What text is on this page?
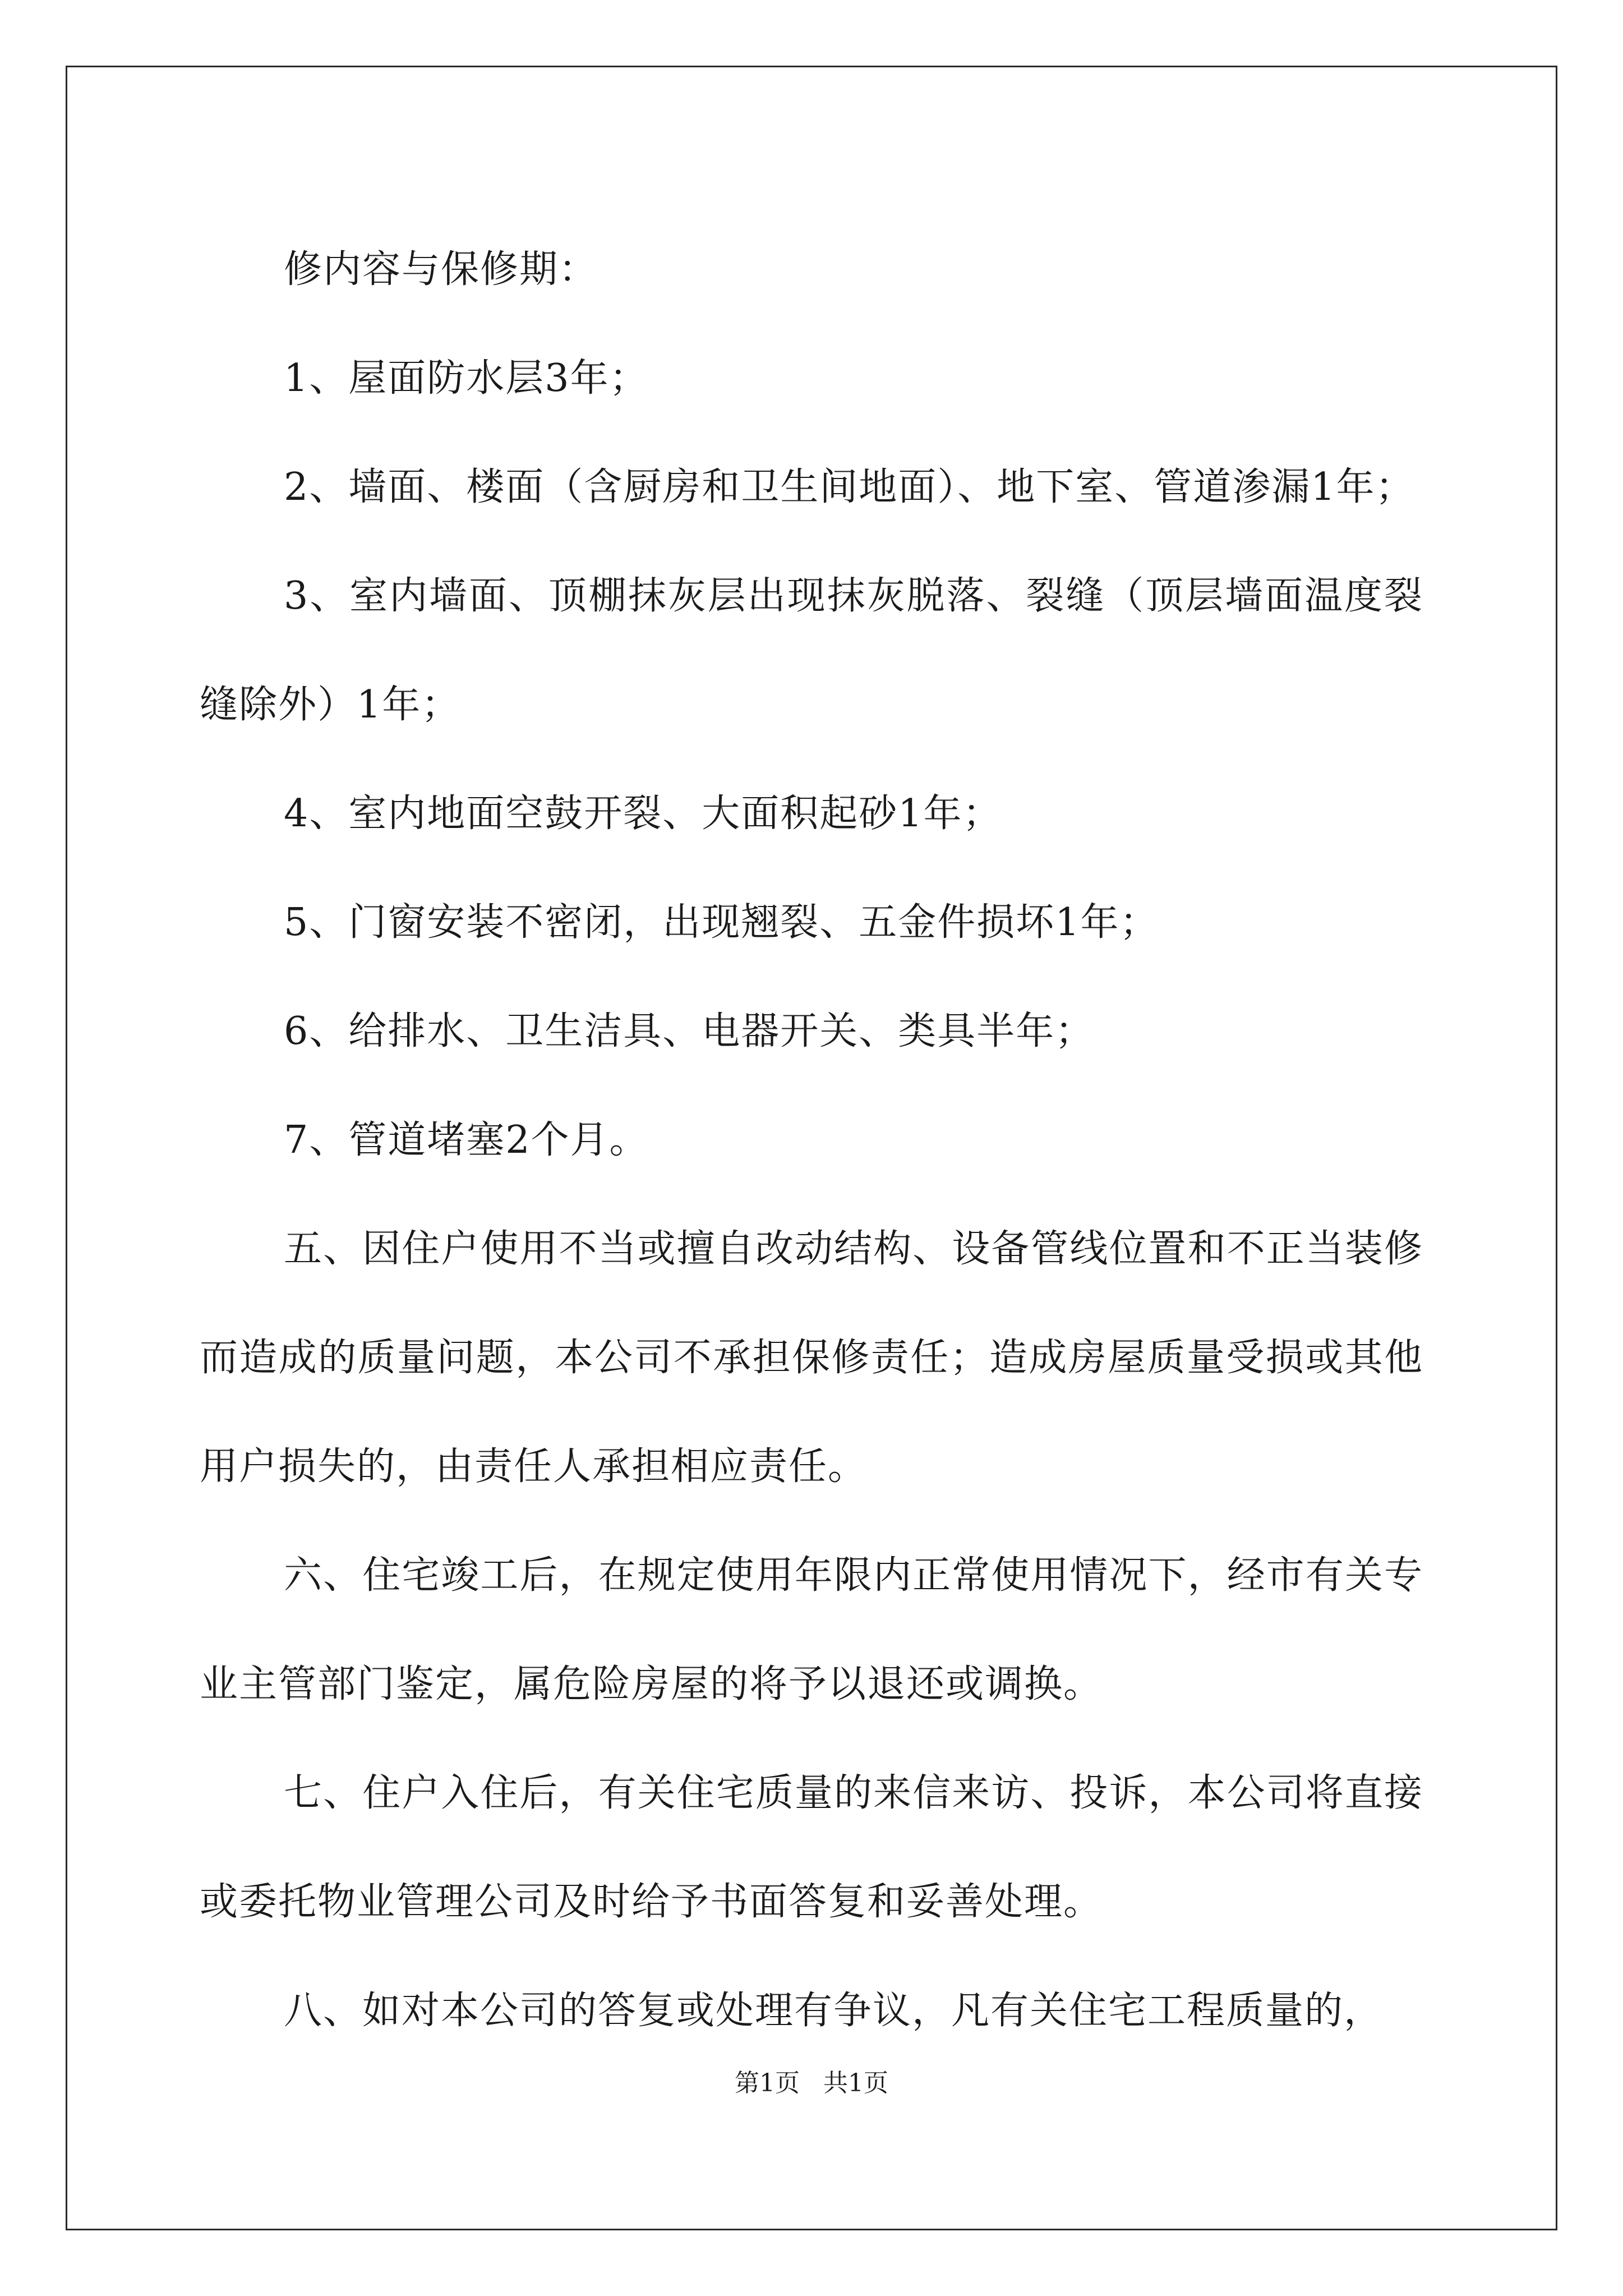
修内容与保修期：

1、屋面防水层3年；

2、墙面、楼面（含厨房和卫生间地面）、地下室、管道渗漏1年；

3、室内墙面、顶棚抹灰层出现抹灰脱落、裂缝（顶层墙面温度裂缝除外）1年；

4、室内地面空鼓开裂、大面积起砂1年；

5、门窗安装不密闭，出现翘裂、五金件损坏1年；

6、给排水、卫生洁具、电器开关、类具半年；

7、管道堵塞2个月。

五、因住户使用不当或擅自改动结构、设备管线位置和不正当装修而造成的质量问题，本公司不承担保修责任；造成房屋质量受损或其他用户损失的，由责任人承担相应责任。

六、住宅竣工后，在规定使用年限内正常使用情况下，经市有关专业主管部门鉴定，属危险房屋的将予以退还或调换。

七、住户入住后，有关住宅质量的来信来访、投诉，本公司将直接或委托物业管理公司及时给予书面答复和妥善处理。

八、如对本公司的答复或处理有争议，凡有关住宅工程质量的，

第1页 共1页
